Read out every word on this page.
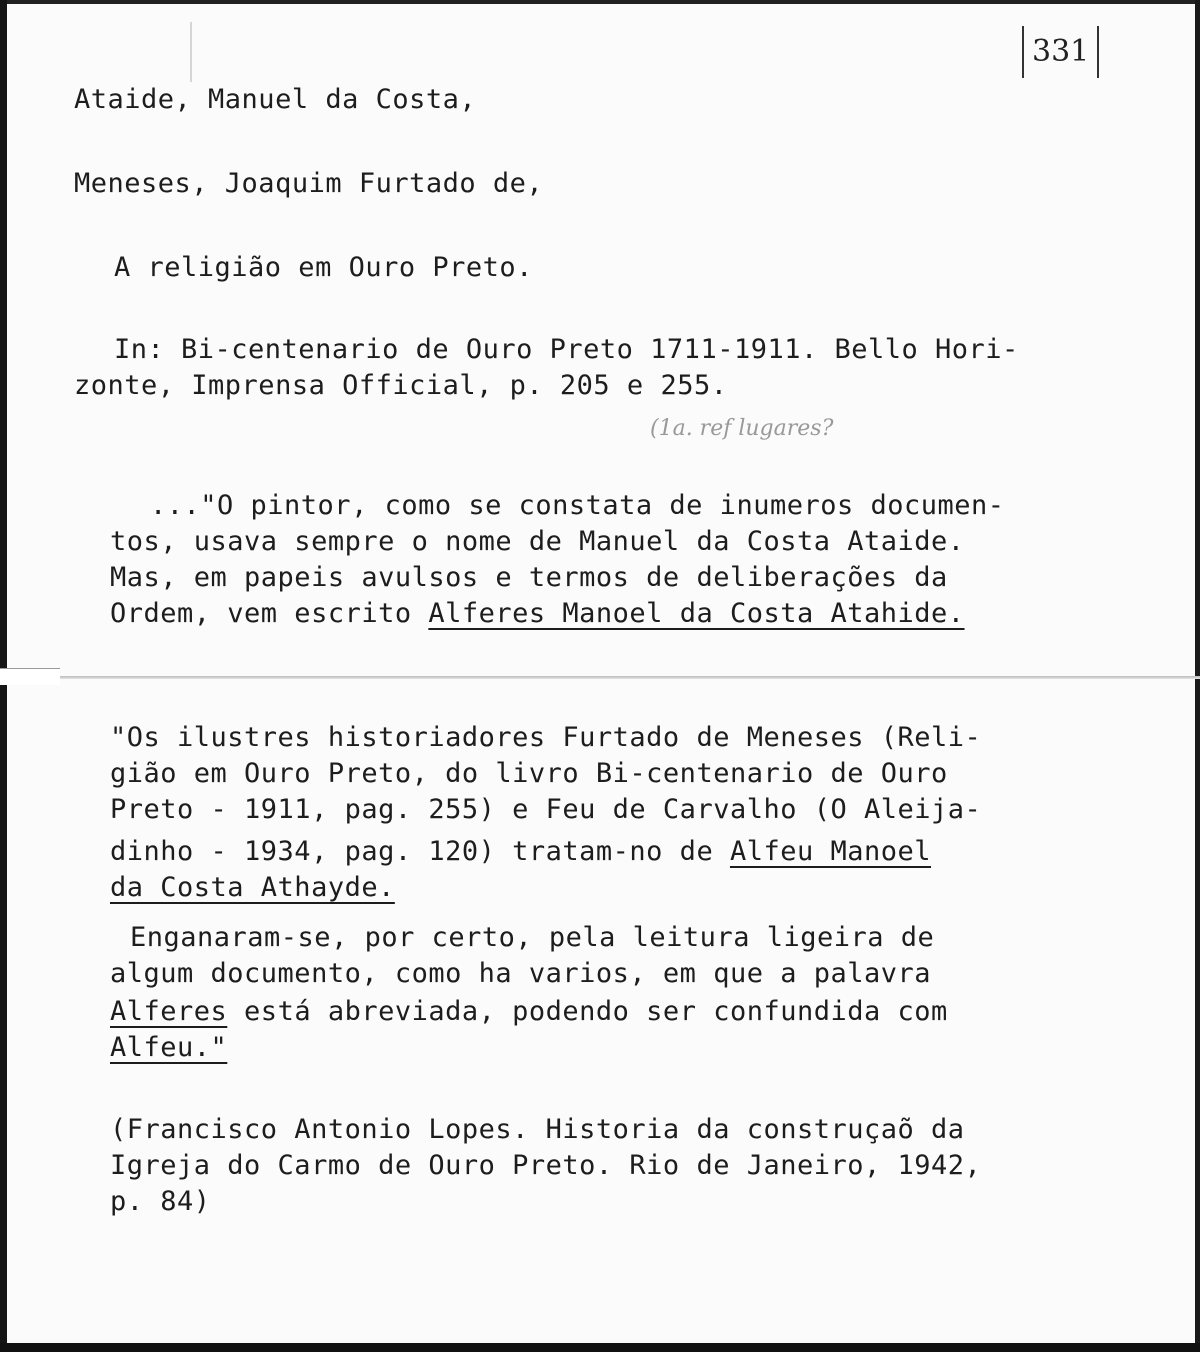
331
Ataide, Manuel da Costa,
Meneses, Joaquim Furtado de,
A religião em Ouro Preto.
In: Bi-centenario de Ouro Preto 1711-1911. Bello Hori-
zonte, Imprensa Official, p. 205 e 255.
(1a. ref lugares?
..."O pintor, como se constata de inumeros documen-
tos, usava sempre o nome de Manuel da Costa Ataide.
Mas, em papeis avulsos e termos de deliberações da
Ordem, vem escrito Alferes Manoel da Costa Atahide.
"Os ilustres historiadores Furtado de Meneses (Reli-
gião em Ouro Preto, do livro Bi-centenario de Ouro
Preto - 1911, pag. 255) e Feu de Carvalho (O Aleija-
dinho - 1934, pag. 120) tratam-no de Alfeu Manoel
da Costa Athayde.
Enganaram-se, por certo, pela leitura ligeira de
algum documento, como ha varios, em que a palavra
Alferes está abreviada, podendo ser confundida com
Alfeu."
(Francisco Antonio Lopes. Historia da construçaõ da
Igreja do Carmo de Ouro Preto. Rio de Janeiro, 1942,
p. 84)
